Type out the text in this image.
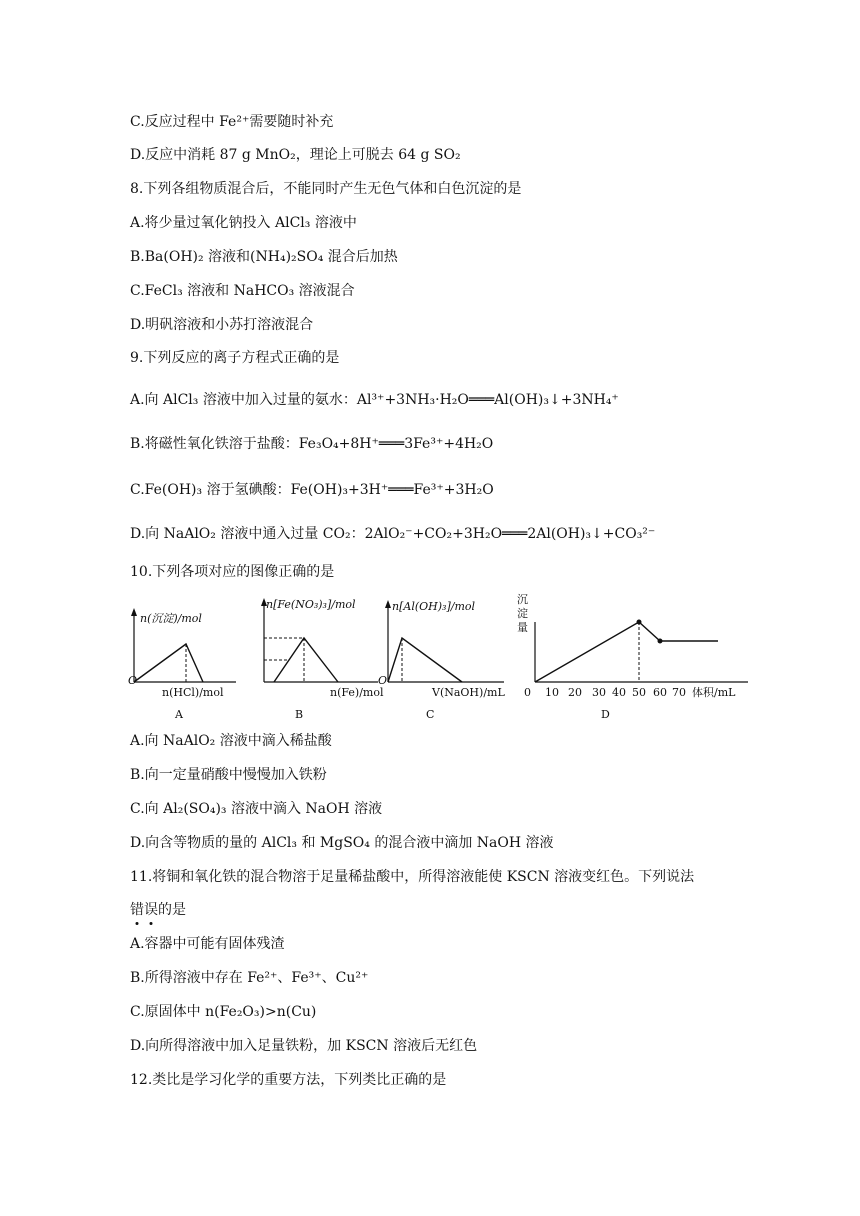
C.反应过程中 Fe²⁺需要随时补充
D.反应中消耗 87 g MnO₂，理论上可脱去 64 g SO₂
8.下列各组物质混合后，不能同时产生无色气体和白色沉淀的是
A.将少量过氧化钠投入 AlCl₃ 溶液中
B.Ba(OH)₂ 溶液和(NH₄)₂SO₄ 混合后加热
C.FeCl₃ 溶液和 NaHCO₃ 溶液混合
D.明矾溶液和小苏打溶液混合
9.下列反应的离子方程式正确的是
A.向 AlCl₃ 溶液中加入过量的氨水：Al³⁺+3NH₃·H₂O═══Al(OH)₃↓+3NH₄⁺
B.将磁性氧化铁溶于盐酸：Fe₃O₄+8H⁺═══3Fe³⁺+4H₂O
C.Fe(OH)₃ 溶于氢碘酸：Fe(OH)₃+3H⁺═══Fe³⁺+3H₂O
D.向 NaAlO₂ 溶液中通入过量 CO₂：2AlO₂⁻+CO₂+3H₂O═══2Al(OH)₃↓+CO₃²⁻
10.下列各项对应的图像正确的是
n(沉淀)/mol
O
n(HCl)/mol
A
n[Fe(NO₃)₃]/mol
n(Fe)/mol
B
n[Al(OH)₃]/mol
O
V(NaOH)/mL
C
沉
淀
量
0 10 20 30 40 50 60 70 体积/mL
D
A.向 NaAlO₂ 溶液中滴入稀盐酸
B.向一定量硝酸中慢慢加入铁粉
C.向 Al₂(SO₄)₃ 溶液中滴入 NaOH 溶液
D.向含等物质的量的 AlCl₃ 和 MgSO₄ 的混合液中滴加 NaOH 溶液
11.将铜和氧化铁的混合物溶于足量稀盐酸中，所得溶液能使 KSCN 溶液变红色。下列说法
错误的是
A.容器中可能有固体残渣
B.所得溶液中存在 Fe²⁺、Fe³⁺、Cu²⁺
C.原固体中 n(Fe₂O₃)>n(Cu)
D.向所得溶液中加入足量铁粉，加 KSCN 溶液后无红色
12.类比是学习化学的重要方法，下列类比正确的是
